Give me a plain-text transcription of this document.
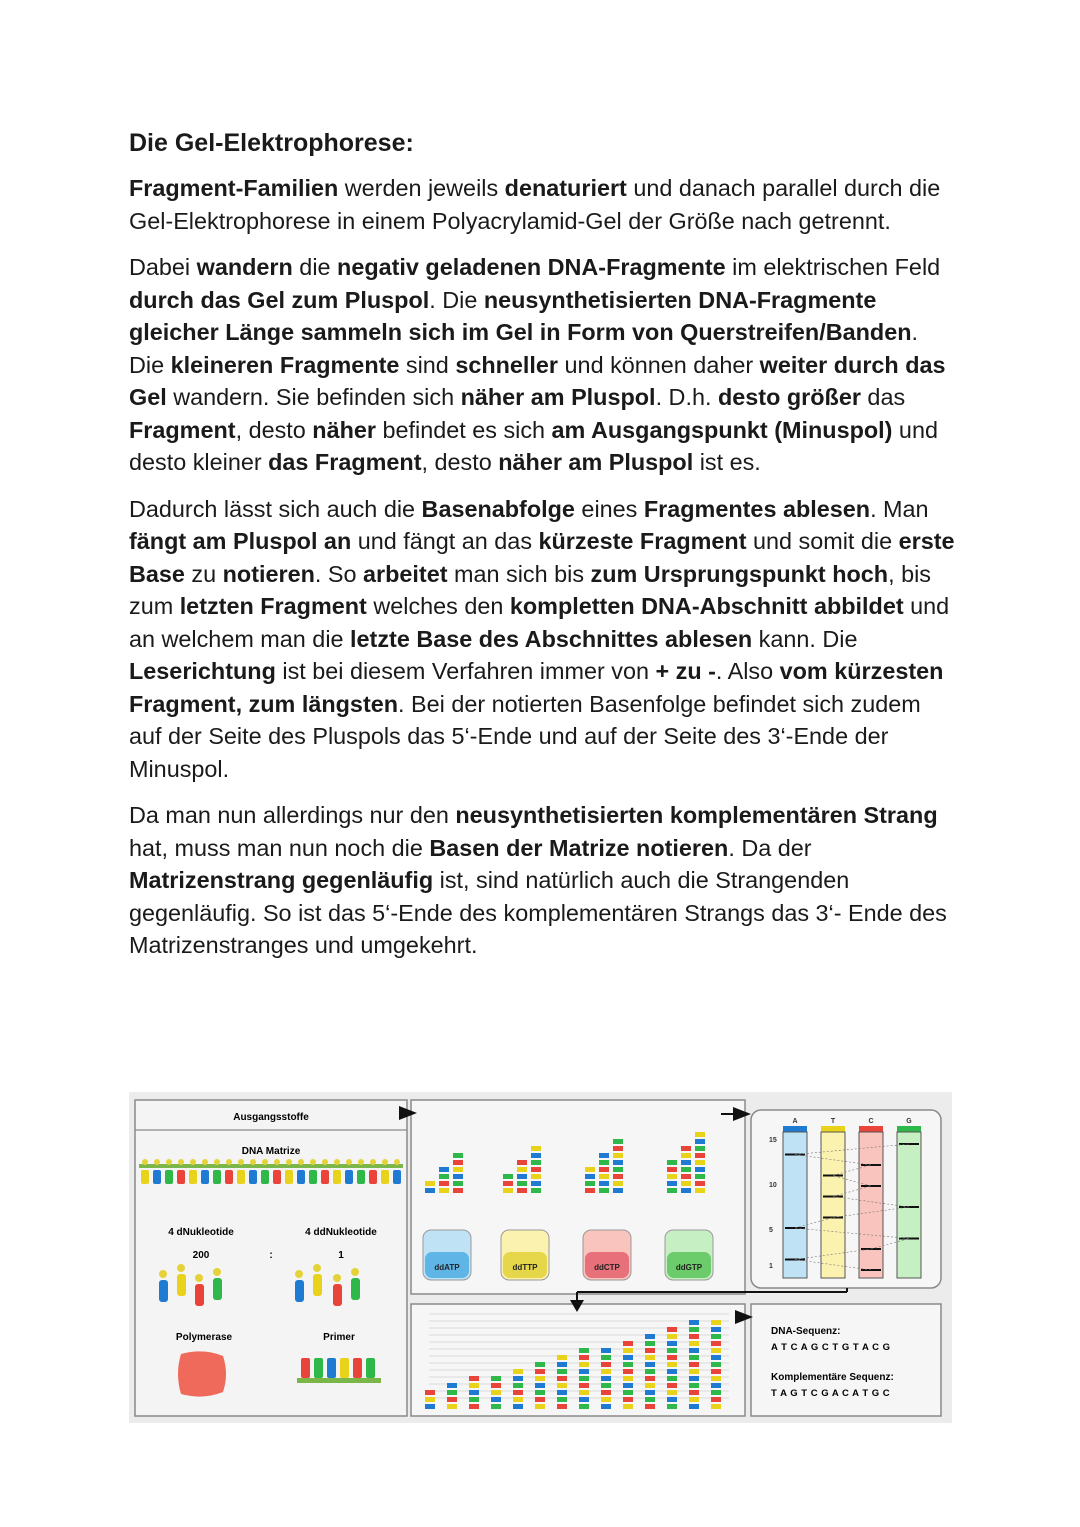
Die Gel-Elektrophorese:

Fragment-Familien werden jeweils denaturiert und danach parallel durch die Gel-Elektrophorese in einem Polyacrylamid-Gel der Größe nach getrennt.

Dabei wandern die negativ geladenen DNA-Fragmente im elektrischen Feld durch das Gel zum Pluspol. Die neusynthetisierten DNA-Fragmente gleicher Länge sammeln sich im Gel in Form von Querstreifen/Banden. Die kleineren Fragmente sind schneller und können daher weiter durch das Gel wandern. Sie befinden sich näher am Pluspol. D.h. desto größer das Fragment, desto näher befindet es sich am Ausgangspunkt (Minuspol) und desto kleiner das Fragment, desto näher am Pluspol ist es.

Dadurch lässt sich auch die Basenabfolge eines Fragmentes ablesen. Man fängt am Pluspol an und fängt an das kürzeste Fragment und somit die erste Base zu notieren. So arbeitet man sich bis zum Ursprungspunkt hoch, bis zum letzten Fragment welches den kompletten DNA-Abschnitt abbildet und an welchem man die letzte Base des Abschnittes ablesen kann. Die Leserichtung ist bei diesem Verfahren immer von + zu -. Also vom kürzesten Fragment, zum längsten. Bei der notierten Basenfolge befindet sich zudem auf der Seite des Pluspols das 5‘-Ende und auf der Seite des 3‘-Ende der Minuspol.

Da man nun allerdings nur den neusynthetisierten komplementären Strang hat, muss man nun noch die Basen der Matrize notieren. Da der Matrizenstrang gegenläufig ist, sind natürlich auch die Strangenden gegenläufig. So ist das 5‘-Ende des komplementären Strangs das 3‘- Ende des Matrizenstranges und umgekehrt.

Ausgangsstoffe
DNA Matrize
4 dNukleotide	4 ddNukleotide
200	:	1
Polymerase	Primer
ddATP	ddTTP	ddCTP	ddGTP
15
10
5
1
A	T	C	G
DNA-Sequenz:
A T C A G C T G T A C G
Komplementäre Sequenz:
T A G T C G A C A T G C
